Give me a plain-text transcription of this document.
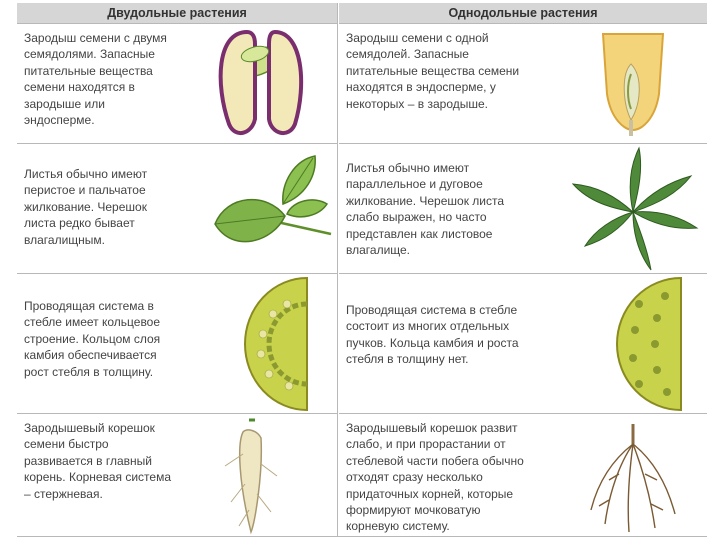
Двудольные растения	Однодольные растения
Зародыш семени с двумя семядолями. Запасные питательные вещества семени находятся в зародыше или эндосперме.
Зародыш семени с одной семядолей. Запасные питательные вещества семени находятся в эндосперме, у некоторых – в зародыше.
Листья обычно имеют перистое и пальчатое жилкование. Черешок листа редко бывает влагалищным.
Листья обычно имеют параллельное и дуговое жилкование. Черешок листа слабо выражен, но часто представлен как листовое влагалище.
Проводящая система в стебле имеет кольцевое строение. Кольцом слоя камбия обеспечивается рост стебля в толщину.
Проводящая система в стебле состоит из многих отдельных пучков. Кольца камбия и роста стебля в толщину нет.
Зародышевый корешок семени быстро развивается в главный корень. Корневая система – стержневая.
Зародышевый корешок развит слабо, и при прорастании от стеблевой части побега обычно отходят сразу несколько придаточных корней, которые формируют мочковатую корневую систему.
